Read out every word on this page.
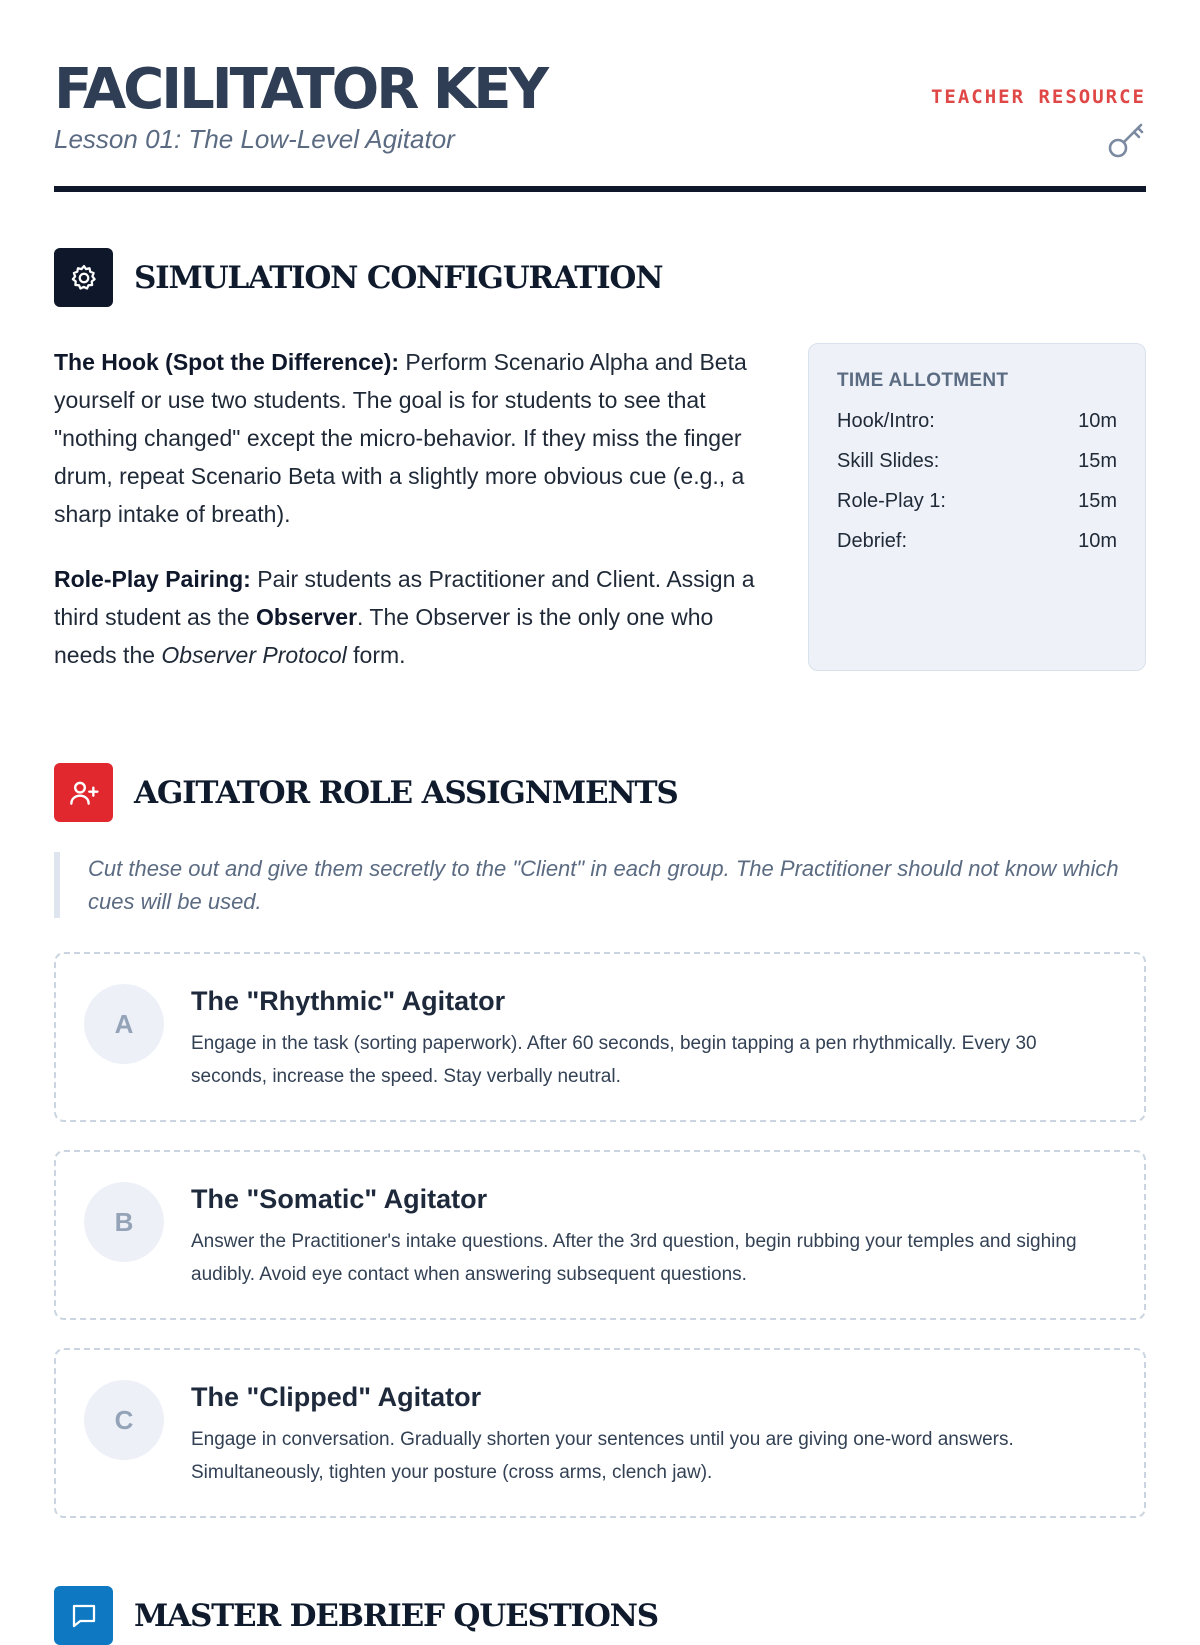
FACILITATOR KEY
Lesson 01: The Low-Level Agitator
TEACHER RESOURCE
SIMULATION CONFIGURATION

The Hook (Spot the Difference): Perform Scenario Alpha and Beta yourself or use two students. The goal is for students to see that "nothing changed" except the micro-behavior. If they miss the finger drum, repeat Scenario Beta with a slightly more obvious cue (e.g., a sharp intake of breath).

Role-Play Pairing: Pair students as Practitioner and Client. Assign a third student as the Observer. The Observer is the only one who needs the Observer Protocol form.

TIME ALLOTMENT
Hook/Intro:	10m
Skill Slides:	15m
Role-Play 1:	15m
Debrief:	10m
AGITATOR ROLE ASSIGNMENTS
Cut these out and give them secretly to the "Client" in each group. The Practitioner should not know which cues will be used.
A
The "Rhythmic" Agitator
Engage in the task (sorting paperwork). After 60 seconds, begin tapping a pen rhythmically. Every 30 seconds, increase the speed. Stay verbally neutral.
B
The "Somatic" Agitator
Answer the Practitioner's intake questions. After the 3rd question, begin rubbing your temples and sighing audibly. Avoid eye contact when answering subsequent questions.
C
The "Clipped" Agitator
Engage in conversation. Gradually shorten your sentences until you are giving one-word answers. Simultaneously, tighten your posture (cross arms, clench jaw).
MASTER DEBRIEF QUESTIONS
